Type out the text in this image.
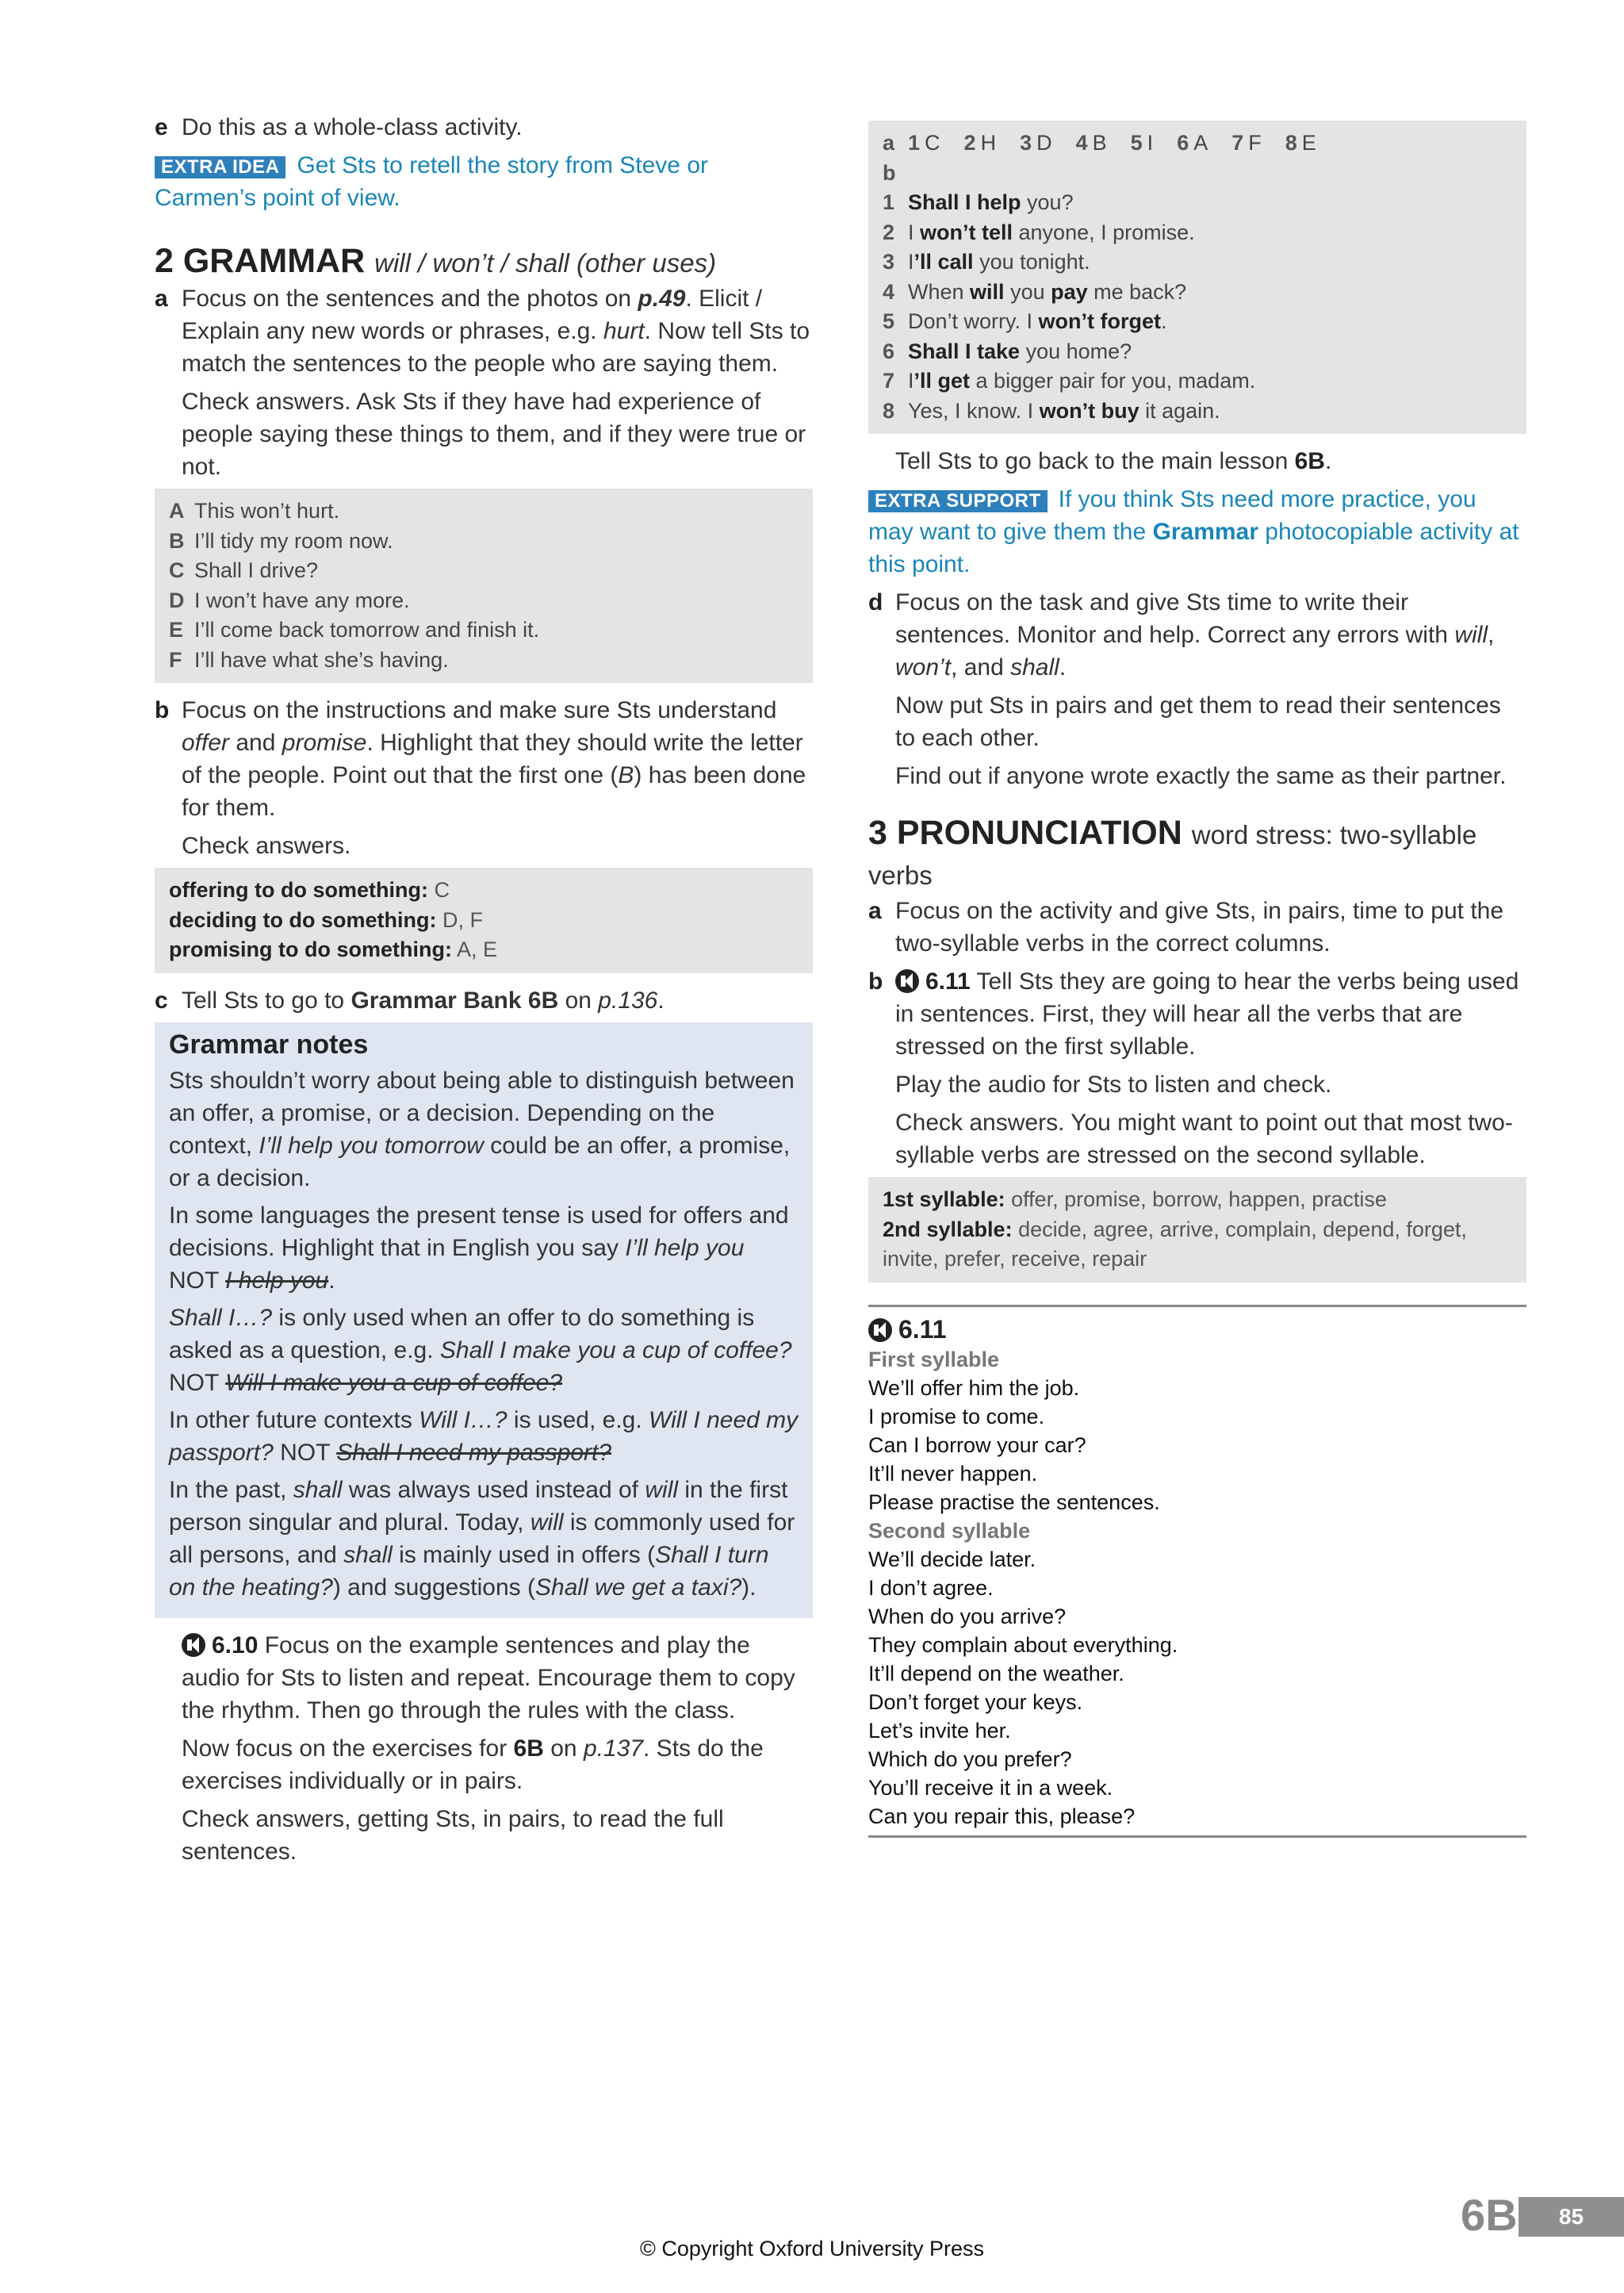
e Do this as a whole-class activity.
EXTRA IDEA Get Sts to retell the story from Steve or Carmen’s point of view.
2 GRAMMAR will / won’t / shall (other uses)
a Focus on the sentences and the photos on p.49. Elicit / Explain any new words or phrases, e.g. hurt. Now tell Sts to match the sentences to the people who are saying them.
Check answers. Ask Sts if they have had experience of people saying these things to them, and if they were true or not.
A This won’t hurt.
B I’ll tidy my room now.
C Shall I drive?
D I won’t have any more.
E I’ll come back tomorrow and finish it.
F I’ll have what she’s having.
b Focus on the instructions and make sure Sts understand offer and promise. Highlight that they should write the letter of the people. Point out that the first one (B) has been done for them.
Check answers.
offering to do something: C
deciding to do something: D, F
promising to do something: A, E
c Tell Sts to go to Grammar Bank 6B on p.136.
Grammar notes

Sts shouldn’t worry about being able to distinguish between an offer, a promise, or a decision. Depending on the context, I’ll help you tomorrow could be an offer, a promise, or a decision.

In some languages the present tense is used for offers and decisions. Highlight that in English you say I’ll help you NOT I help you.

Shall I…? is only used when an offer to do something is asked as a question, e.g. Shall I make you a cup of coffee? NOT Will I make you a cup of coffee?

In other future contexts Will I…? is used, e.g. Will I need my passport? NOT Shall I need my passport?

In the past, shall was always used instead of will in the first person singular and plural. Today, will is commonly used for all persons, and shall is mainly used in offers (Shall I turn on the heating?) and suggestions (Shall we get a taxi?).

6.10 Focus on the example sentences and play the audio for Sts to listen and repeat. Encourage them to copy the rhythm. Then go through the rules with the class.
Now focus on the exercises for 6B on p.137. Sts do the exercises individually or in pairs.
Check answers, getting Sts, in pairs, to read the full sentences.
a 1 C 2 H 3 D 4 B 5 I 6 A 7 F 8 E
b
1 Shall I help you?
2 I won’t tell anyone, I promise.
3 I’ll call you tonight.
4 When will you pay me back?
5 Don’t worry. I won’t forget.
6 Shall I take you home?
7 I’ll get a bigger pair for you, madam.
8 Yes, I know. I won’t buy it again.
Tell Sts to go back to the main lesson 6B.
EXTRA SUPPORT If you think Sts need more practice, you may want to give them the Grammar photocopiable activity at this point.
d Focus on the task and give Sts time to write their sentences. Monitor and help. Correct any errors with will, won’t, and shall.
Now put Sts in pairs and get them to read their sentences to each other.
Find out if anyone wrote exactly the same as their partner.
3 PRONUNCIATION word stress: two-syllable verbs
a Focus on the activity and give Sts, in pairs, time to put the two-syllable verbs in the correct columns.
b 6.11 Tell Sts they are going to hear the verbs being used in sentences. First, they will hear all the verbs that are stressed on the first syllable.
Play the audio for Sts to listen and check.
Check answers. You might want to point out that most two-syllable verbs are stressed on the second syllable.
1st syllable: offer, promise, borrow, happen, practise
2nd syllable: decide, agree, arrive, complain, depend, forget, invite, prefer, receive, repair
6.11
First syllable
We’ll offer him the job.
I promise to come.
Can I borrow your car?
It’ll never happen.
Please practise the sentences.
Second syllable
We’ll decide later.
I don’t agree.
When do you arrive?
They complain about everything.
It’ll depend on the weather.
Don’t forget your keys.
Let’s invite her.
Which do you prefer?
You’ll receive it in a week.
Can you repair this, please?
6B	85
© Copyright Oxford University Press
